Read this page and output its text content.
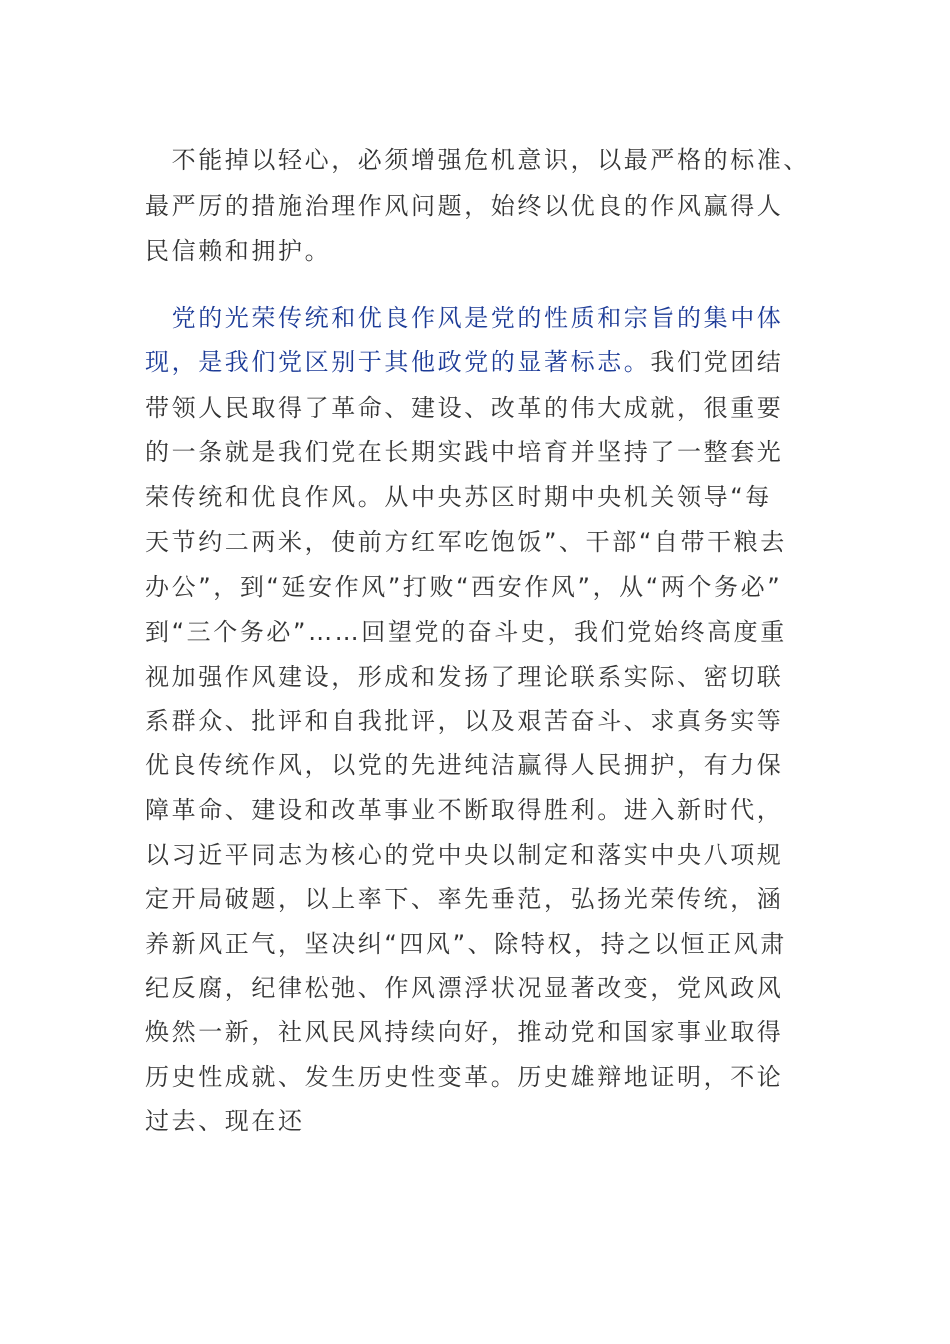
　不能掉以轻心，必须增强危机意识，以最严格的标准、
最严厉的措施治理作风问题，始终以优良的作风赢得人
民信赖和拥护。
　党的光荣传统和优良作风是党的性质和宗旨的集中体
现，是我们党区别于其他政党的显著标志。我们党团结
带领人民取得了革命、建设、改革的伟大成就，很重要
的一条就是我们党在长期实践中培育并坚持了一整套光
荣传统和优良作风。从中央苏区时期中央机关领导“每
天节约二两米，使前方红军吃饱饭”、干部“自带干粮去
办公”，到“延安作风”打败“西安作风”，从“两个务必”
到“三个务必”……回望党的奋斗史，我们党始终高度重
视加强作风建设，形成和发扬了理论联系实际、密切联
系群众、批评和自我批评，以及艰苦奋斗、求真务实等
优良传统作风，以党的先进纯洁赢得人民拥护，有力保
障革命、建设和改革事业不断取得胜利。进入新时代，
以习近平同志为核心的党中央以制定和落实中央八项规
定开局破题，以上率下、率先垂范，弘扬光荣传统，涵
养新风正气，坚决纠“四风”、除特权，持之以恒正风肃
纪反腐，纪律松弛、作风漂浮状况显著改变，党风政风
焕然一新，社风民风持续向好，推动党和国家事业取得
历史性成就、发生历史性变革。历史雄辩地证明，不论
过去、现在还
